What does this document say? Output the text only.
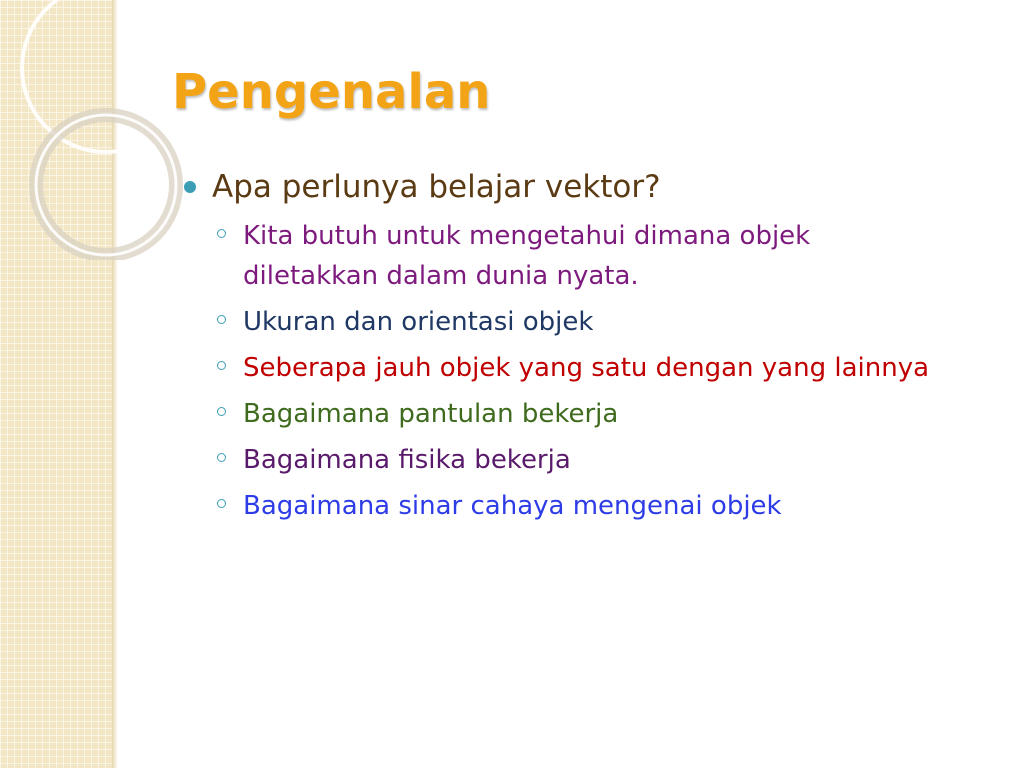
Pengenalan
Apa perlunya belajar vektor?
Kita butuh untuk mengetahui dimana objek diletakkan dalam dunia nyata.
Ukuran dan orientasi objek
Seberapa jauh objek yang satu dengan yang lainnya
Bagaimana pantulan bekerja
Bagaimana fisika bekerja
Bagaimana sinar cahaya mengenai objek
